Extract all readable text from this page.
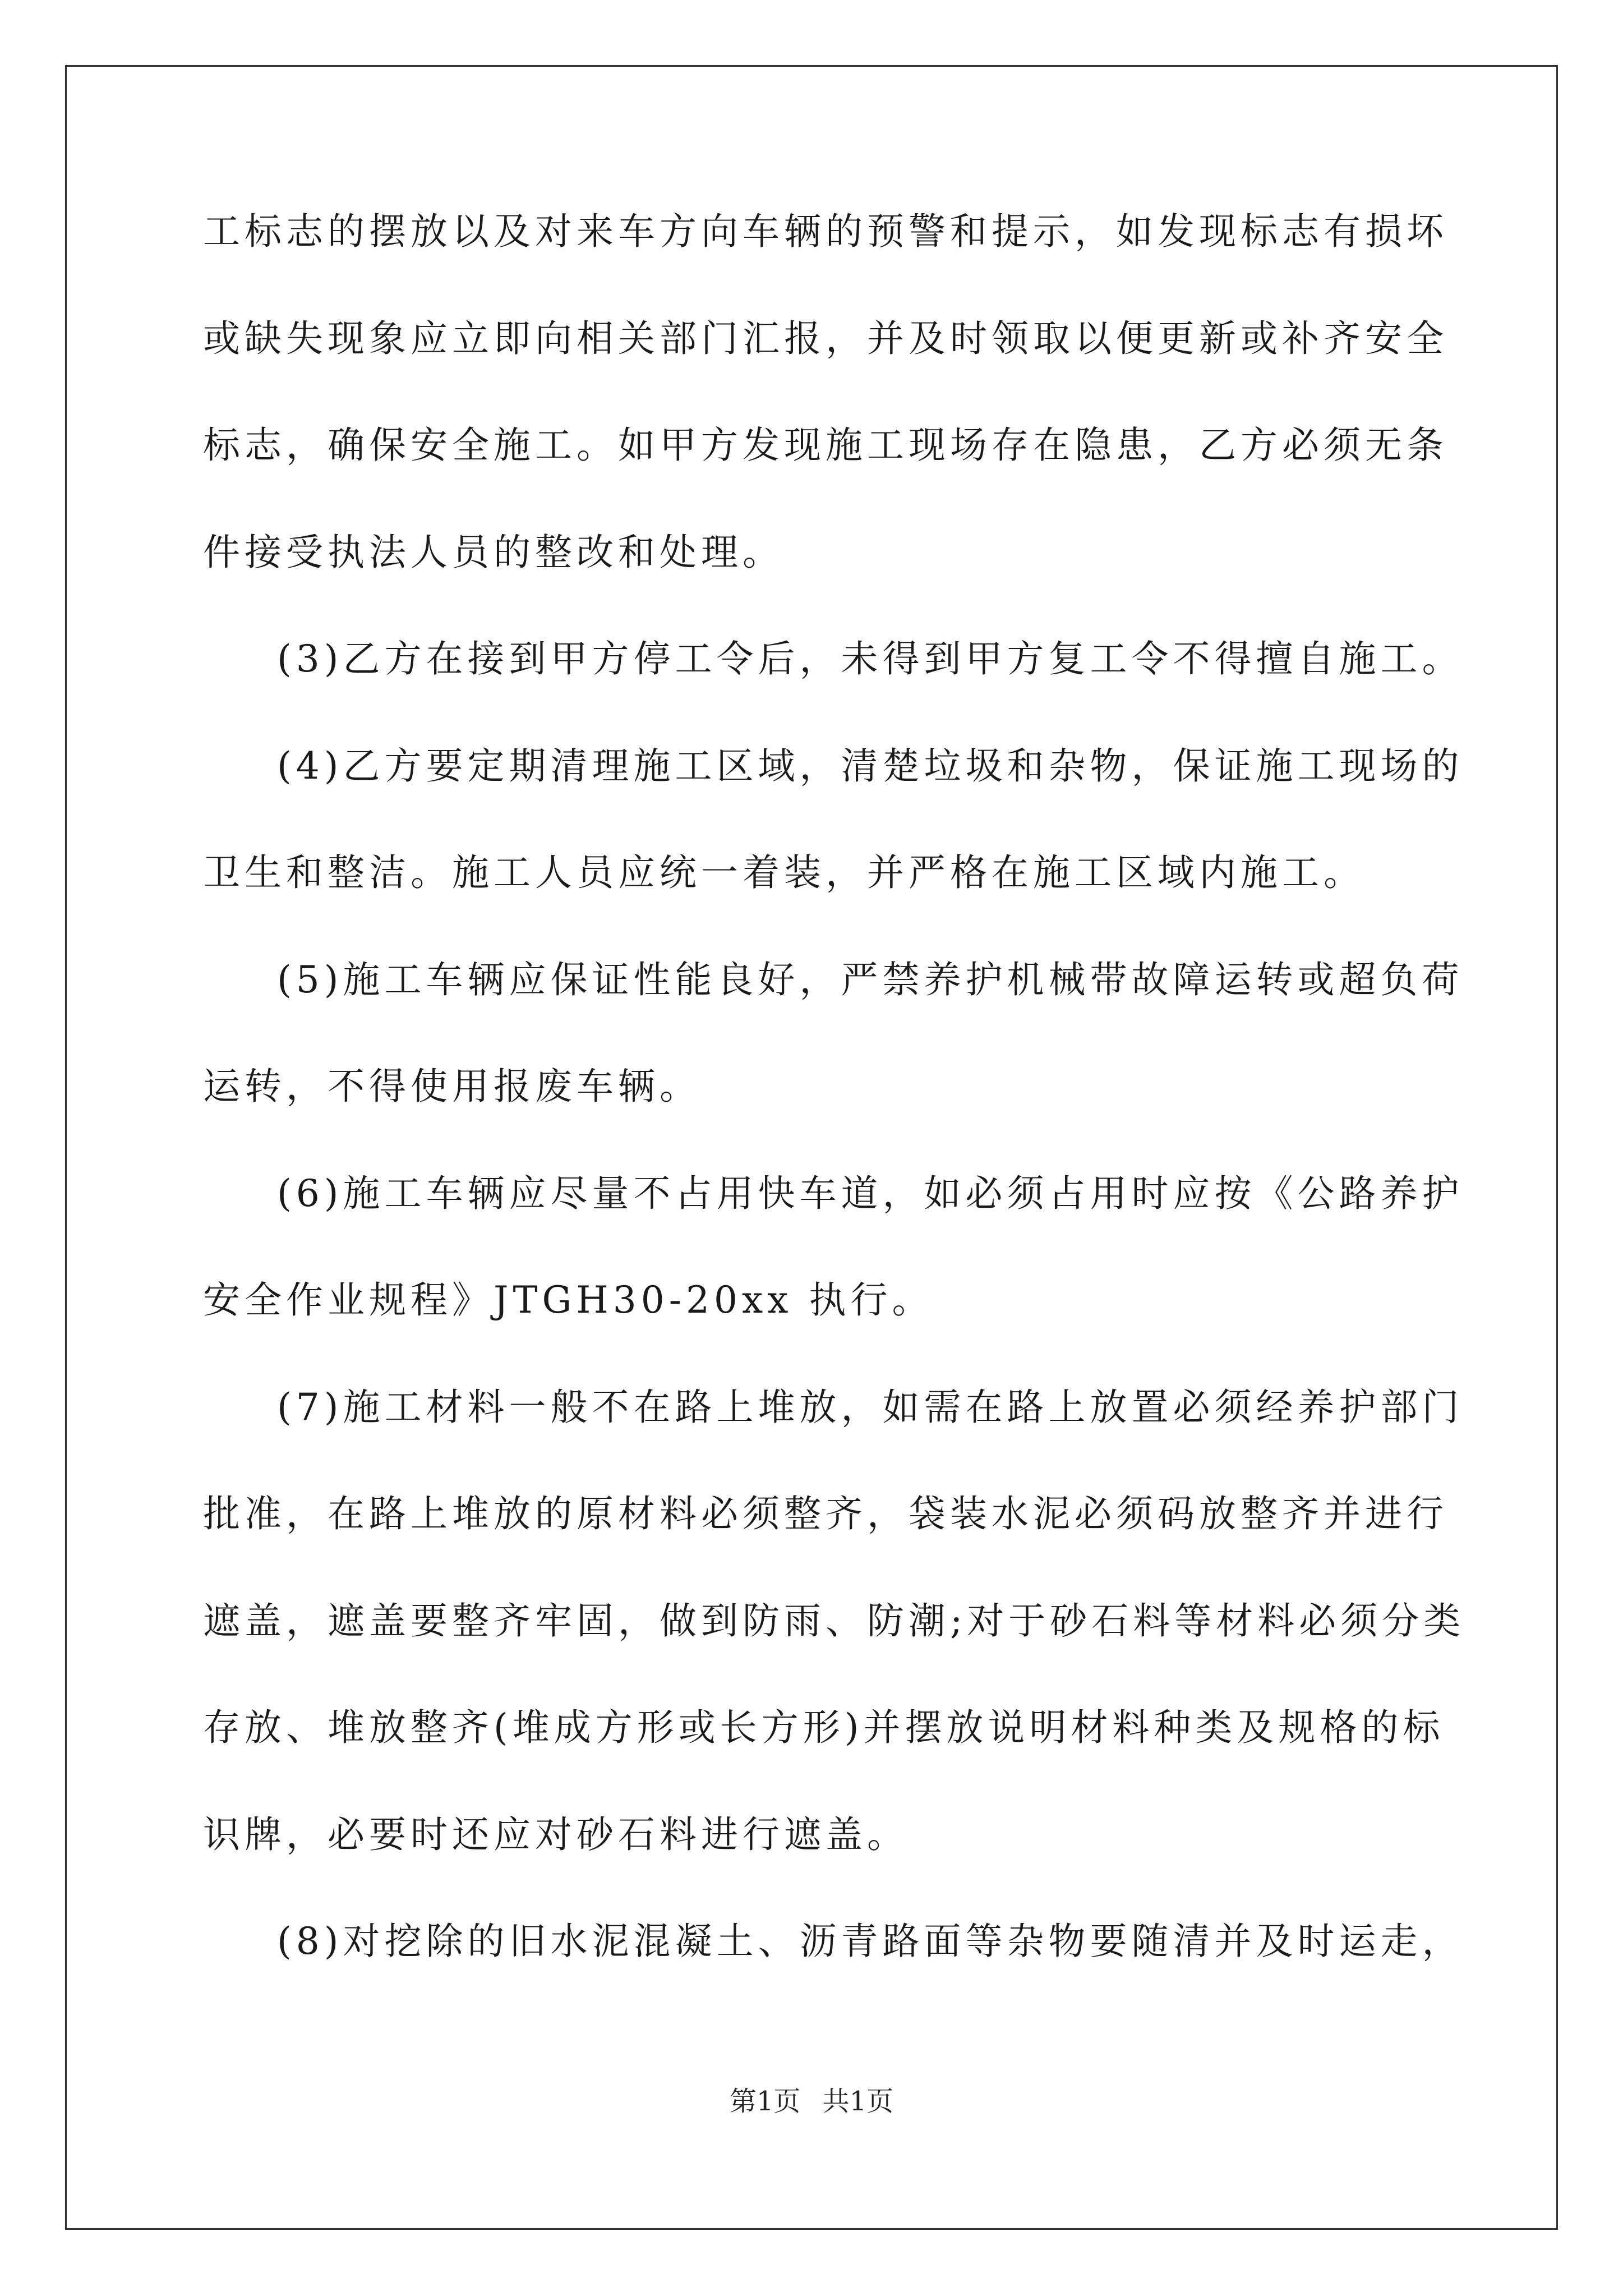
工标志的摆放以及对来车方向车辆的预警和提示，如发现标志有损坏
或缺失现象应立即向相关部门汇报，并及时领取以便更新或补齐安全
标志，确保安全施工。如甲方发现施工现场存在隐患，乙方必须无条
件接受执法人员的整改和处理。
(3)乙方在接到甲方停工令后，未得到甲方复工令不得擅自施工。
(4)乙方要定期清理施工区域，清楚垃圾和杂物，保证施工现场的
卫生和整洁。施工人员应统一着装，并严格在施工区域内施工。
(5)施工车辆应保证性能良好，严禁养护机械带故障运转或超负荷
运转，不得使用报废车辆。
(6)施工车辆应尽量不占用快车道，如必须占用时应按《公路养护
安全作业规程》JTGH30-20xx 执行。
(7)施工材料一般不在路上堆放，如需在路上放置必须经养护部门
批准，在路上堆放的原材料必须整齐，袋装水泥必须码放整齐并进行
遮盖，遮盖要整齐牢固，做到防雨、防潮;对于砂石料等材料必须分类
存放、堆放整齐(堆成方形或长方形)并摆放说明材料种类及规格的标
识牌，必要时还应对砂石料进行遮盖。
(8)对挖除的旧水泥混凝土、沥青路面等杂物要随清并及时运走，
第1页 共1页
